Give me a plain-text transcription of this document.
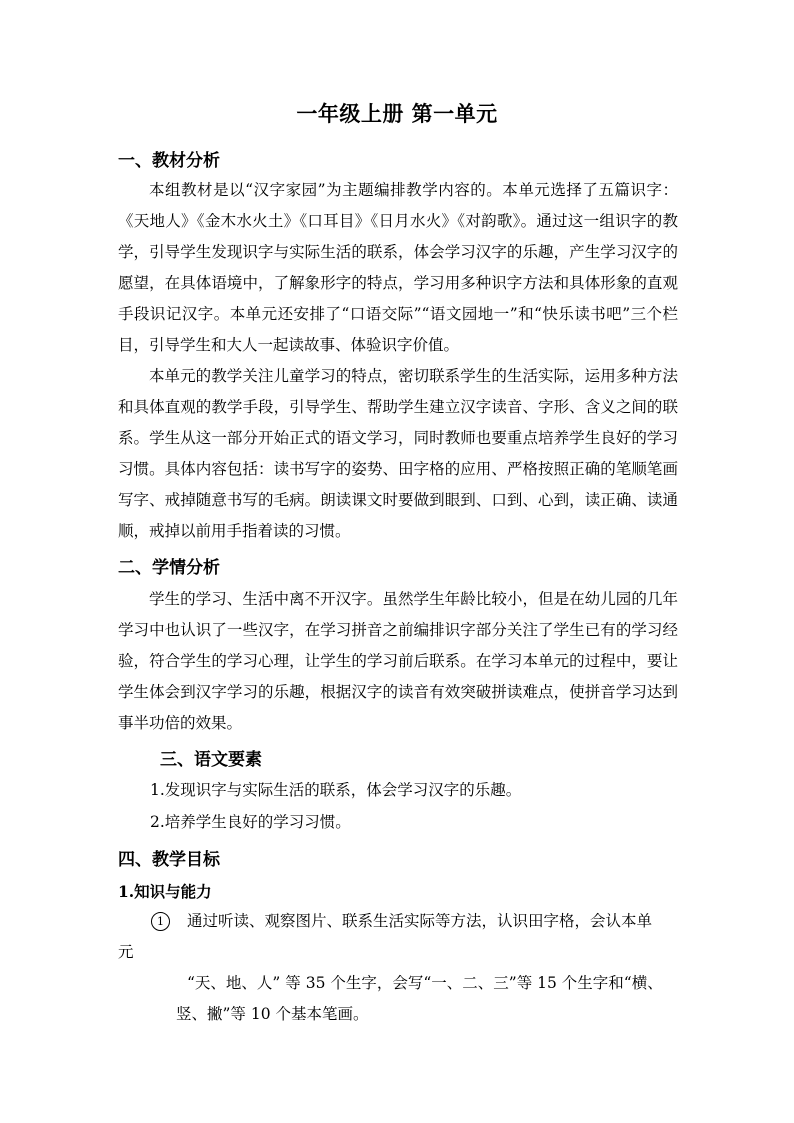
一年级上册 第一单元
一、教材分析

本组教材是以“汉字家园”为主题编排教学内容的。本单元选择了五篇识字：《天地人》《金木水火土》《口耳目》《日月水火》《对韵歌》。通过这一组识字的教学，引导学生发现识字与实际生活的联系，体会学习汉字的乐趣，产生学习汉字的愿望，在具体语境中，了解象形字的特点，学习用多种识字方法和具体形象的直观手段识记汉字。本单元还安排了“口语交际”“语文园地一”和“快乐读书吧”三个栏目，引导学生和大人一起读故事、体验识字价值。

本单元的教学关注儿童学习的特点，密切联系学生的生活实际，运用多种方法和具体直观的教学手段，引导学生、帮助学生建立汉字读音、字形、含义之间的联系。学生从这一部分开始正式的语文学习，同时教师也要重点培养学生良好的学习习惯。具体内容包括：读书写字的姿势、田字格的应用、严格按照正确的笔顺笔画写字、戒掉随意书写的毛病。朗读课文时要做到眼到、口到、心到，读正确、读通顺，戒掉以前用手指着读的习惯。

二、学情分析

学生的学习、生活中离不开汉字。虽然学生年龄比较小，但是在幼儿园的几年学习中也认识了一些汉字，在学习拼音之前编排识字部分关注了学生已有的学习经验，符合学生的学习心理，让学生的学习前后联系。在学习本单元的过程中，要让学生体会到汉字学习的乐趣，根据汉字的读音有效突破拼读难点，使拼音学习达到事半功倍的效果。

三、语文要素
1.发现识字与实际生活的联系，体会学习汉字的乐趣。
2.培养学生良好的学习习惯。
四、教学目标
1.知识与能力
1	通过听读、观察图片、联系生活实际等方法，认识田字格，会认本单
元
“天、地、人” 等 35 个生字，会写“一、二、三”等 15 个生字和“横、
竖、撇”等 10 个基本笔画。
